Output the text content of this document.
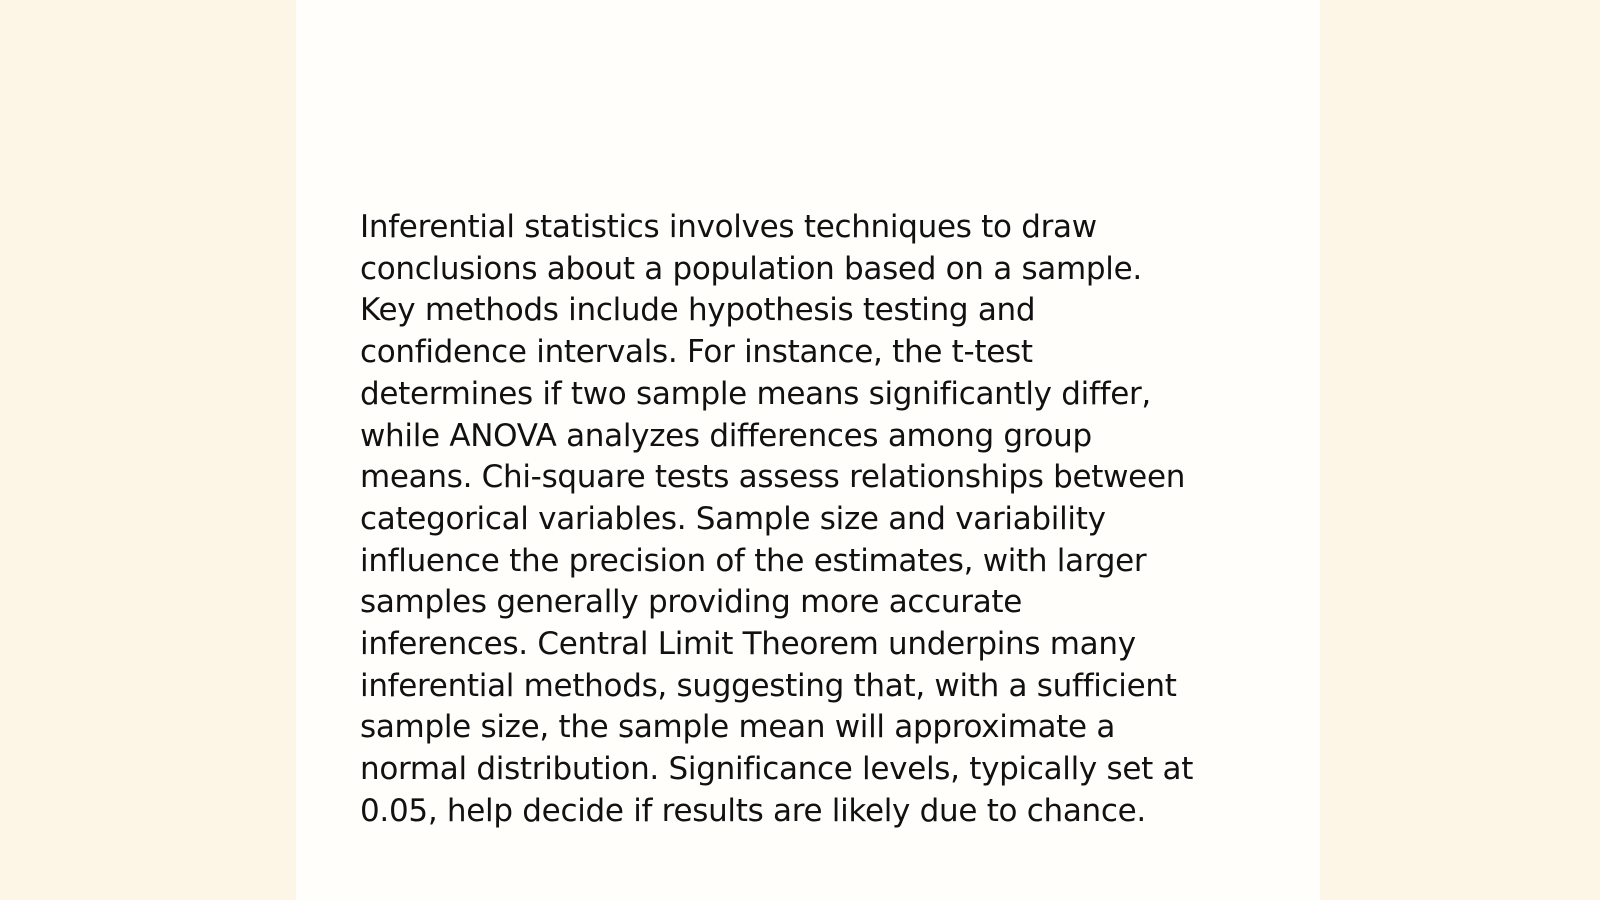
Inferential statistics involves techniques to draw
conclusions about a population based on a sample.
Key methods include hypothesis testing and
confidence intervals. For instance, the t-test
determines if two sample means significantly differ,
while ANOVA analyzes differences among group
means. Chi-square tests assess relationships between
categorical variables. Sample size and variability
influence the precision of the estimates, with larger
samples generally providing more accurate
inferences. Central Limit Theorem underpins many
inferential methods, suggesting that, with a sufficient
sample size, the sample mean will approximate a
normal distribution. Significance levels, typically set at
0.05, help decide if results are likely due to chance.
